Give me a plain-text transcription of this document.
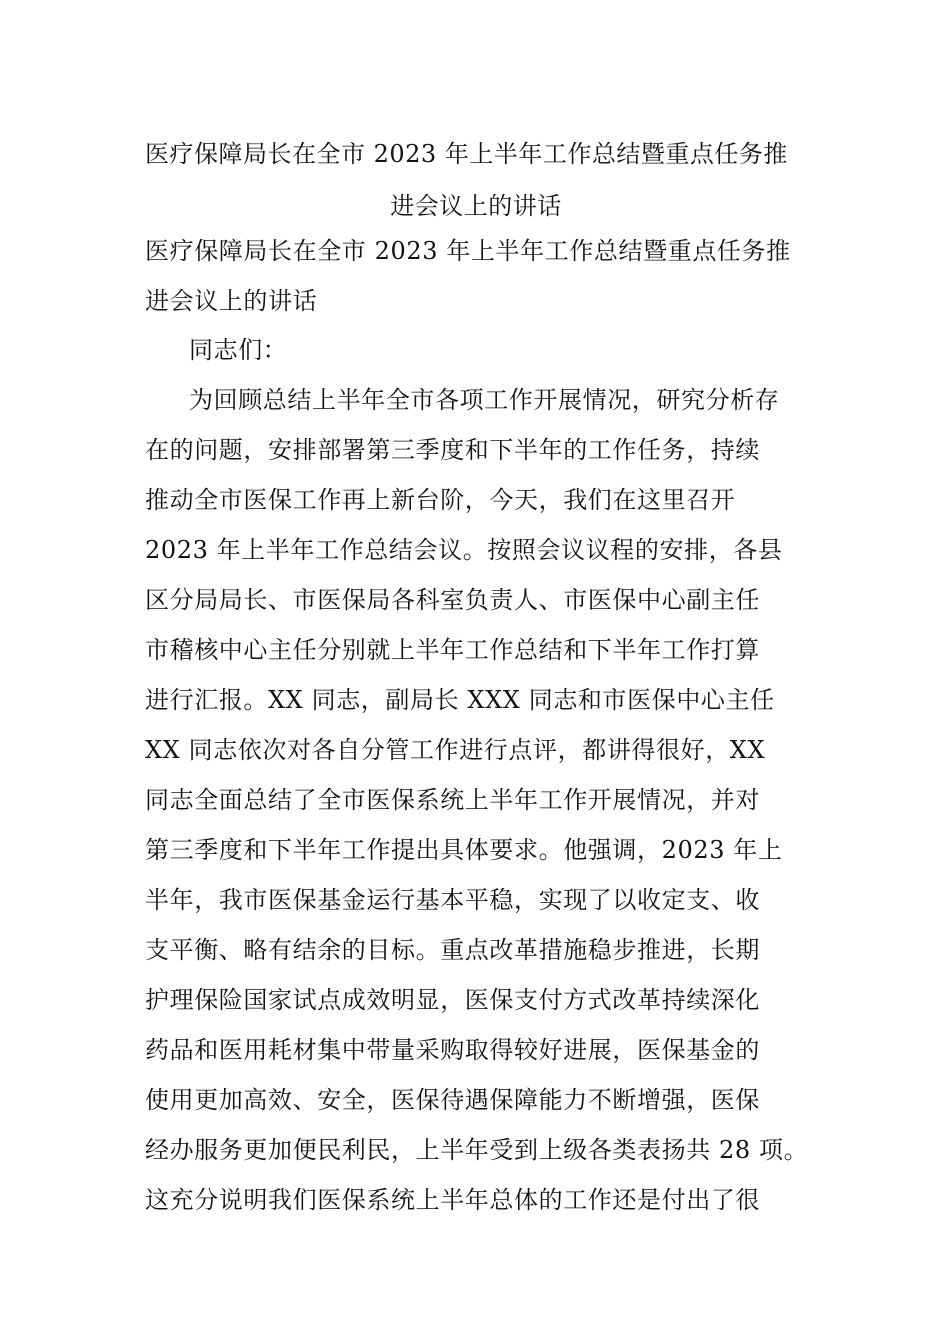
医疗保障局长在全市 2023 年上半年工作总结暨重点任务推
进会议上的讲话
医疗保障局长在全市 2023 年上半年工作总结暨重点任务推
进会议上的讲话
同志们：
为回顾总结上半年全市各项工作开展情况，研究分析存
在的问题，安排部署第三季度和下半年的工作任务，持续
推动全市医保工作再上新台阶，今天，我们在这里召开
2023 年上半年工作总结会议。按照会议议程的安排，各县
区分局局长、市医保局各科室负责人、市医保中心副主任
市稽核中心主任分别就上半年工作总结和下半年工作打算
进行汇报。XX 同志，副局长 XXX 同志和市医保中心主任
XX 同志依次对各自分管工作进行点评，都讲得很好，XX
同志全面总结了全市医保系统上半年工作开展情况，并对
第三季度和下半年工作提出具体要求。他强调，2023 年上
半年，我市医保基金运行基本平稳，实现了以收定支、收
支平衡、略有结余的目标。重点改革措施稳步推进，长期
护理保险国家试点成效明显，医保支付方式改革持续深化
药品和医用耗材集中带量采购取得较好进展，医保基金的
使用更加高效、安全，医保待遇保障能力不断增强，医保
经办服务更加便民利民，上半年受到上级各类表扬共 28 项。
这充分说明我们医保系统上半年总体的工作还是付出了很
